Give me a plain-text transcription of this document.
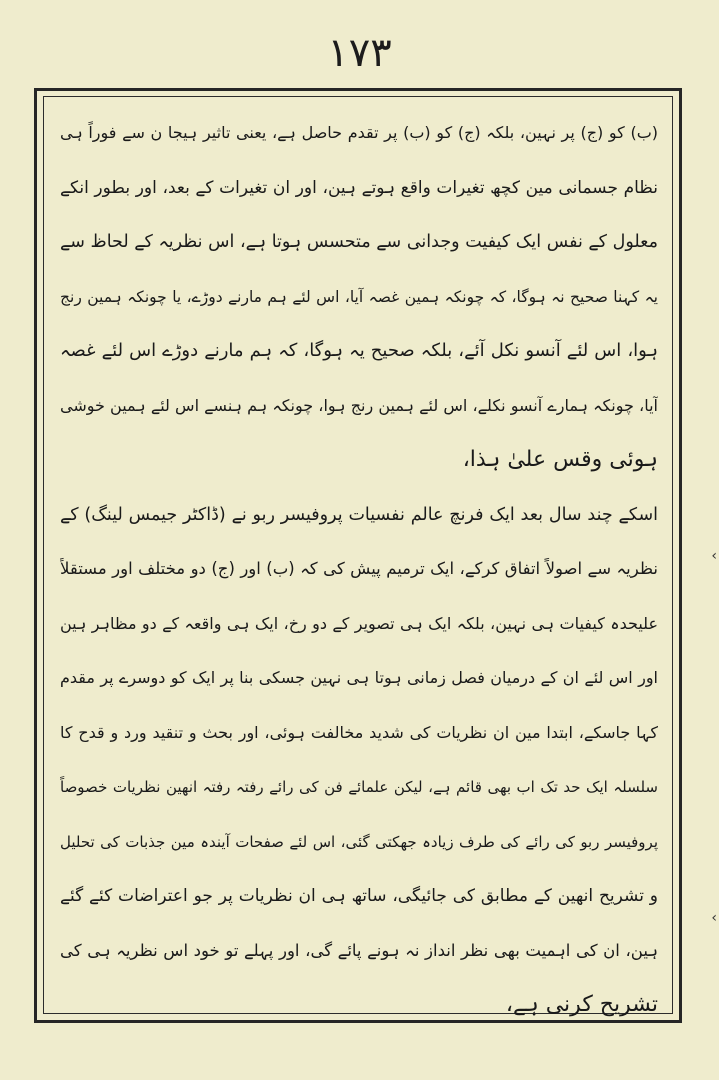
١٧٣
(ب) کو (ج) پر نہین، بلکہ (ج) کو (ب) پر تقدم حاصل ہے، یعنی تاثیر ہیجا ن سے فوراً ہی
نظام جسمانی مین کچھ تغیرات واقع ہوتے ہین، اور ان تغیرات کے بعد، اور بطور انکے
معلول کے نفس ایک کیفیت وجدانی سے متحسس ہوتا ہے، اس نظریہ کے لحاظ سے
یہ کہنا صحیح نہ ہوگا، کہ چونکہ ہمین غصہ آیا، اس لئے ہم مارنے دوڑے، یا چونکہ ہمین رنج
ہوا، اس لئے آنسو نکل آئے، بلکہ صحیح یہ ہوگا، کہ ہم مارنے دوڑے اس لئے غصہ
آیا، چونکہ ہمارے آنسو نکلے، اس لئے ہمین رنج ہوا، چونکہ ہم ہنسے اس لئے ہمین خوشی
ہوئی وقس علیٰ ہذا،
اسکے چند سال بعد ایک فرنچ عالم نفسیات پروفیسر ربو نے (ڈاکٹر جیمس لینگ) کے
نظریہ سے اصولاً اتفاق کرکے، ایک ترمیم پیش کی کہ (ب) اور (ج) دو مختلف اور مستقلاً
علیحدہ کیفیات ہی نہین، بلکہ ایک ہی تصویر کے دو رخ، ایک ہی واقعہ کے دو مظاہر ہین
اور اس لئے ان کے درمیان فصل زمانی ہوتا ہی نہین جسکی بنا پر ایک کو دوسرے پر مقدم
کہا جاسکے، ابتدا مین ان نظریات کی شدید مخالفت ہوئی، اور بحث و تنقید ورد و قدح کا
سلسلہ ایک حد تک اب بھی قائم ہے، لیکن علمائے فن کی رائے رفتہ رفتہ انھین نظریات خصوصاً
پروفیسر ربو کی رائے کی طرف زیادہ جھکتی گئی، اس لئے صفحات آیندہ مین جذبات کی تحلیل
و تشریح انھین کے مطابق کی جائیگی، ساتھ ہی ان نظریات پر جو اعتراضات کئے گئے
ہین، ان کی اہمیت بھی نظر انداز نہ ہونے پائے گی، اور پہلے تو خود اس نظریہ ہی کی
تشریح کرنی ہے،
‹
‹
